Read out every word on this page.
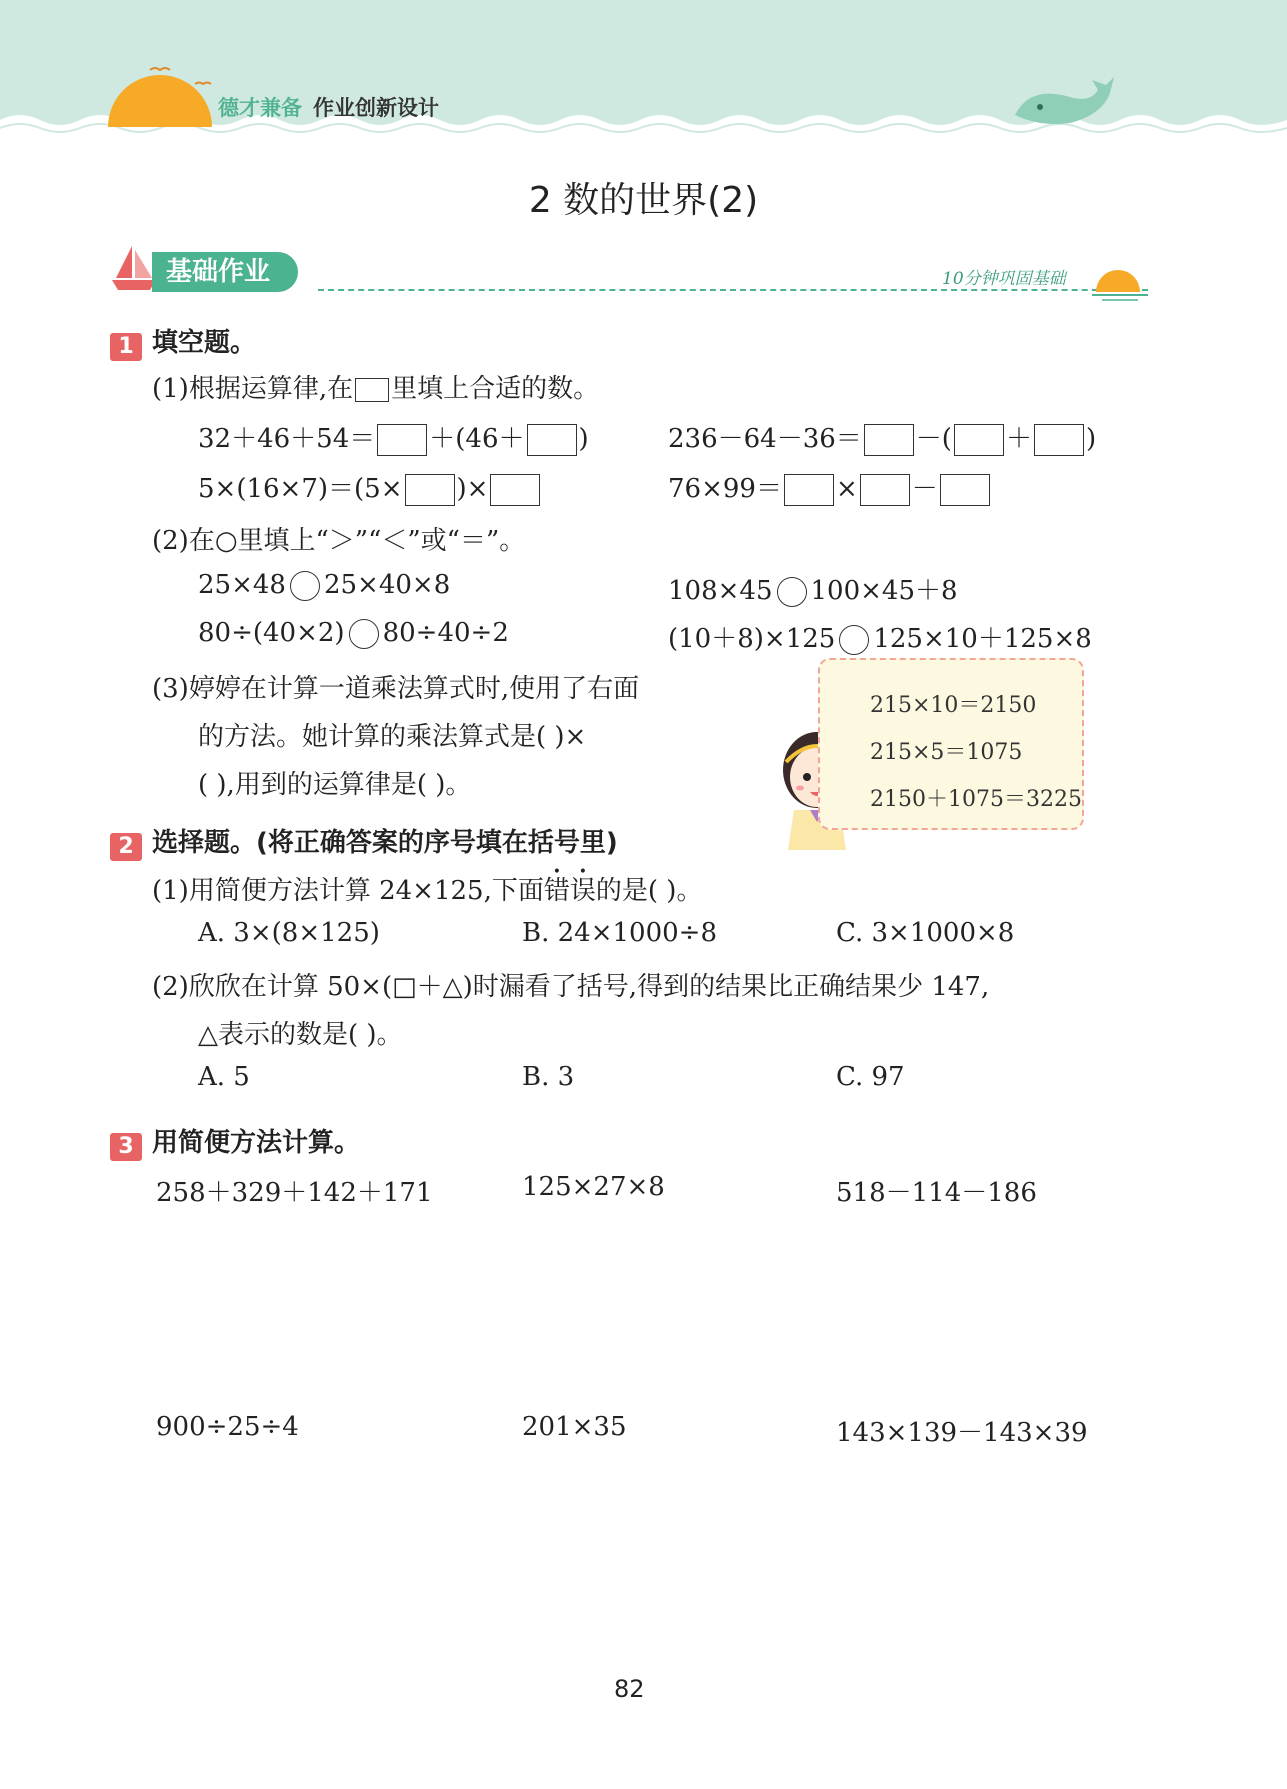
德才兼备 作业创新设计
2 数的世界(2)
基础作业	10分钟巩固基础
1 填空题。
(1)根据运算律,在 里填上合适的数。
32＋46＋54＝ ＋(46＋ )	236－64－36＝ －( ＋ )
5×(16×7)＝(5× )×	76×99＝ × －
(2)在○里填上“＞”“＜”或“＝”。
25×48 25×40×8	108×45 100×45＋8
80÷(40×2) 80÷40÷2	(10＋8)×125 125×10＋125×8
(3)婷婷在计算一道乘法算式时,使用了右面
的方法。她计算的乘法算式是( )×
( ),用到的运算律是( )。
215×10＝2150
215×5＝1075
2150＋1075＝3225
2 选择题。(将正确答案的序号填在括号里)
(1)用简便方法计算 24×125,下面错误的是( )。
A. 3×(8×125)	B. 24×1000÷8	C. 3×1000×8
(2)欣欣在计算 50×(□＋△)时漏看了括号,得到的结果比正确结果少 147,
△表示的数是( )。
A. 5	B. 3	C. 97
3 用简便方法计算。
258＋329＋142＋171	125×27×8	518－114－186
900÷25÷4	201×35	143×139－143×39
82
